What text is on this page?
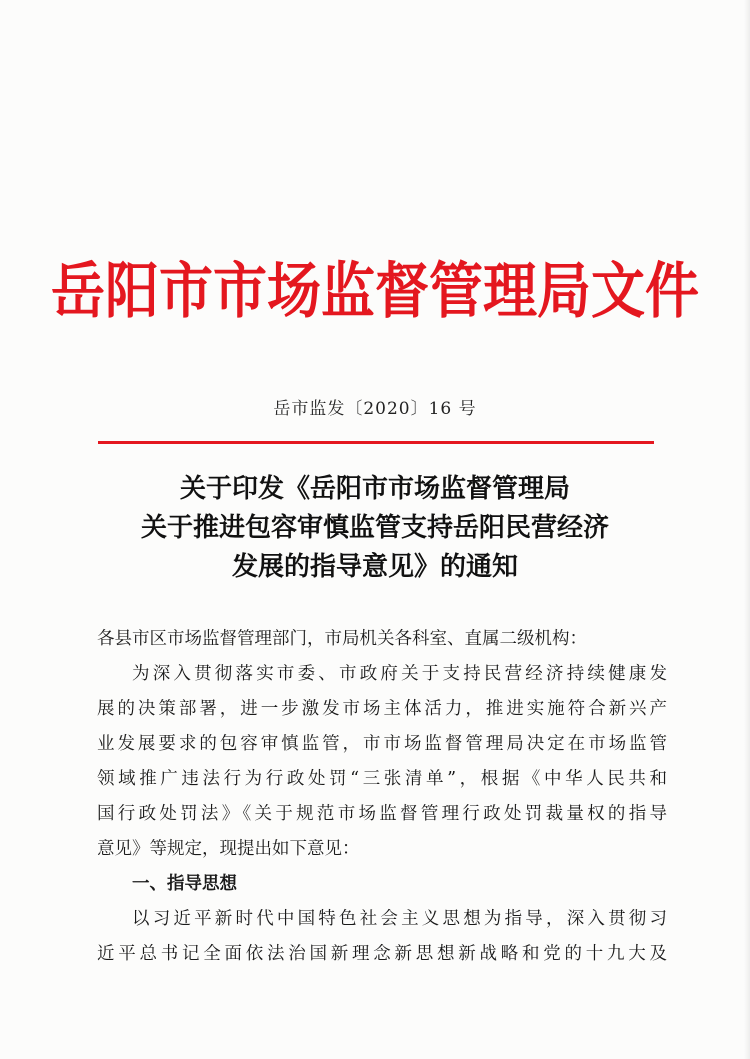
岳阳市市场监督管理局文件
岳市监发〔2020〕16 号
关于印发《岳阳市市场监督管理局
关于推进包容审慎监管支持岳阳民营经济
发展的指导意见》的通知
各县市区市场监督管理部门，市局机关各科室、直属二级机构：
为深入贯彻落实市委、市政府关于支持民营经济持续健康发
展的决策部署，进一步激发市场主体活力，推进实施符合新兴产
业发展要求的包容审慎监管，市市场监督管理局决定在市场监管
领域推广违法行为行政处罚“三张清单”，根据《中华人民共和
国行政处罚法》《关于规范市场监督管理行政处罚裁量权的指导
意见》等规定，现提出如下意见：
一、指导思想
以习近平新时代中国特色社会主义思想为指导，深入贯彻习
近平总书记全面依法治国新理念新思想新战略和党的十九大及
